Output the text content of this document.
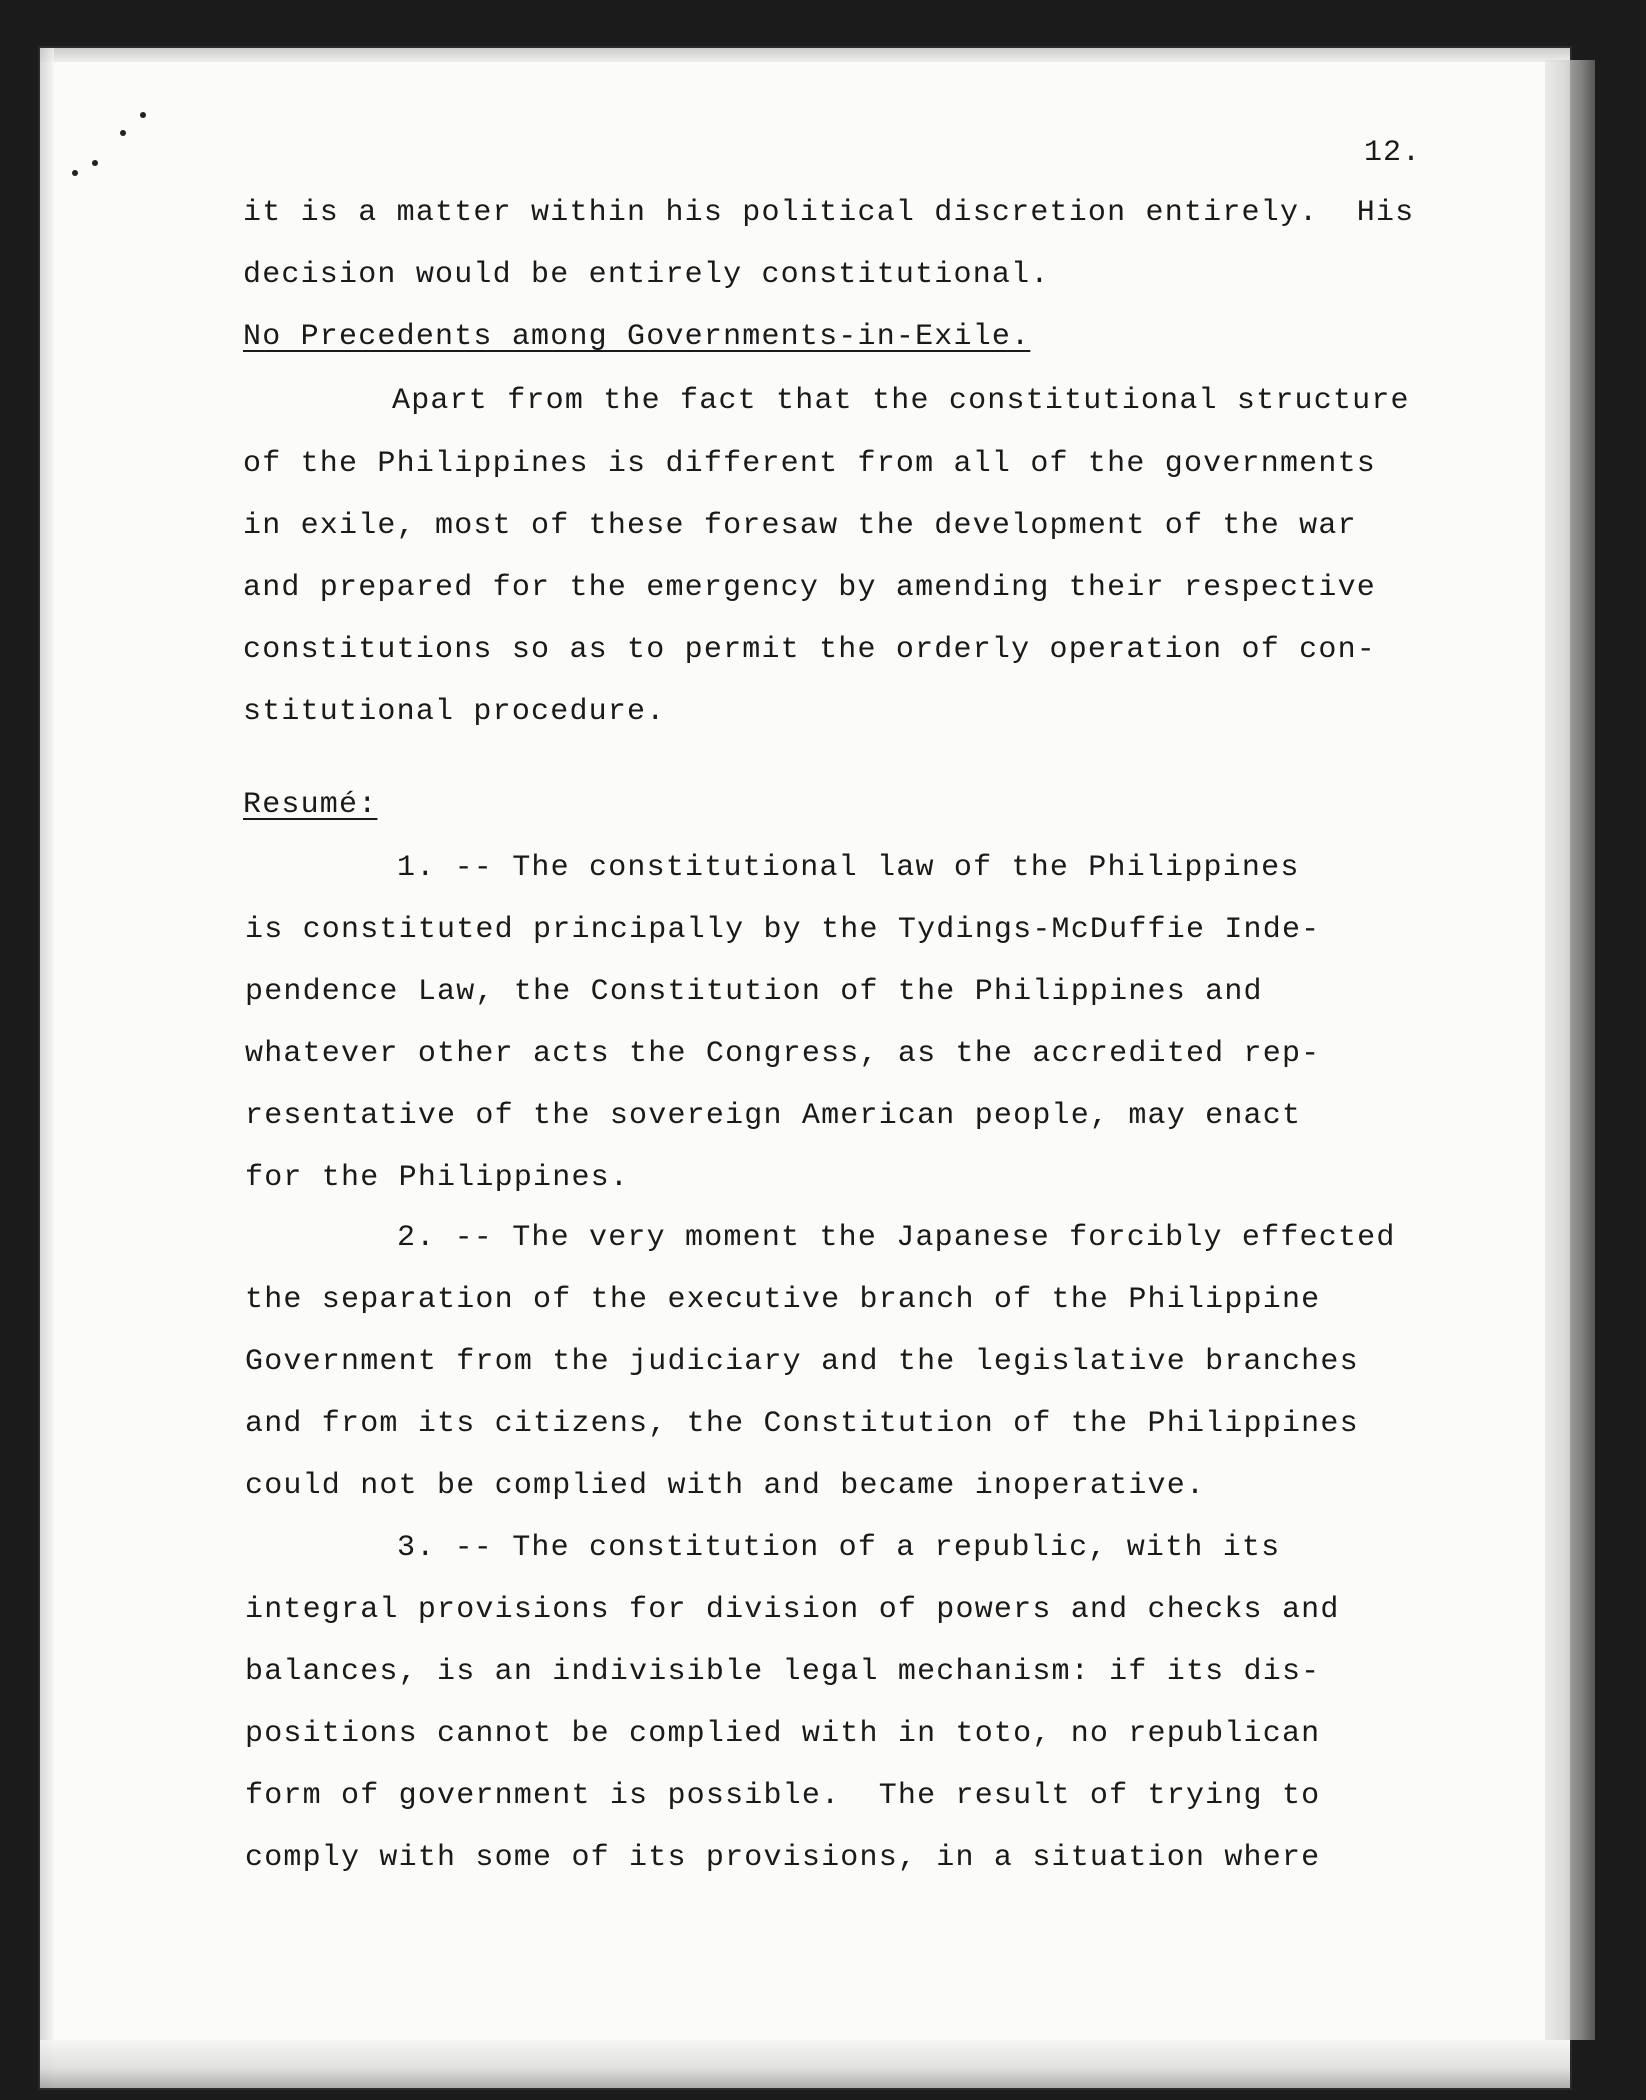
12.
it is a matter within his political discretion entirely.  His
decision would be entirely constitutional.
No Precedents among Governments-in-Exile.
Apart from the fact that the constitutional structure
of the Philippines is different from all of the governments
in exile, most of these foresaw the development of the war
and prepared for the emergency by amending their respective
constitutions so as to permit the orderly operation of con-
stitutional procedure.
Resumé:
1. -- The constitutional law of the Philippines
is constituted principally by the Tydings-McDuffie Inde-
pendence Law, the Constitution of the Philippines and
whatever other acts the Congress, as the accredited rep-
resentative of the sovereign American people, may enact
for the Philippines.
2. -- The very moment the Japanese forcibly effected
the separation of the executive branch of the Philippine
Government from the judiciary and the legislative branches
and from its citizens, the Constitution of the Philippines
could not be complied with and became inoperative.
3. -- The constitution of a republic, with its
integral provisions for division of powers and checks and
balances, is an indivisible legal mechanism: if its dis-
positions cannot be complied with in toto, no republican
form of government is possible.  The result of trying to
comply with some of its provisions, in a situation where
